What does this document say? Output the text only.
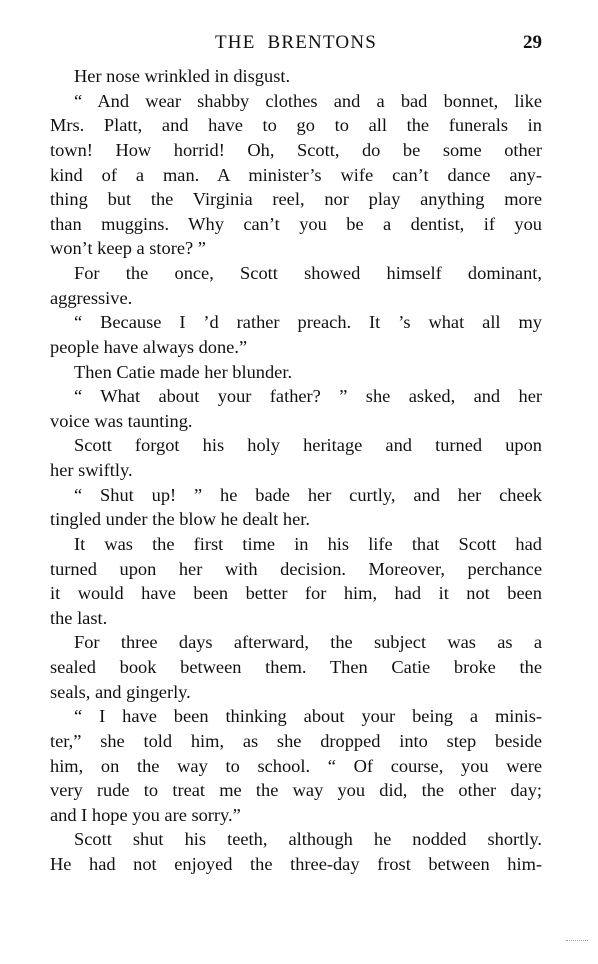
THE BRENTONS	29
Her nose wrinkled in disgust.
“ And wear shabby clothes and a bad bonnet, like
Mrs. Platt, and have to go to all the funerals in
town! How horrid! Oh, Scott, do be some other
kind of a man. A minister’s wife can’t dance any-
thing but the Virginia reel, nor play anything more
than muggins. Why can’t you be a dentist, if you
won’t keep a store? ”
For the once, Scott showed himself dominant,
aggressive.
“ Because I ’d rather preach. It ’s what all my
people have always done.”
Then Catie made her blunder.
“ What about your father? ” she asked, and her
voice was taunting.
Scott forgot his holy heritage and turned upon
her swiftly.
“ Shut up! ” he bade her curtly, and her cheek
tingled under the blow he dealt her.
It was the first time in his life that Scott had
turned upon her with decision. Moreover, perchance
it would have been better for him, had it not been
the last.
For three days afterward, the subject was as a
sealed book between them. Then Catie broke the
seals, and gingerly.
“ I have been thinking about your being a minis-
ter,” she told him, as she dropped into step beside
him, on the way to school. “ Of course, you were
very rude to treat me the way you did, the other day;
and I hope you are sorry.”
Scott shut his teeth, although he nodded shortly.
He had not enjoyed the three-day frost between him-
